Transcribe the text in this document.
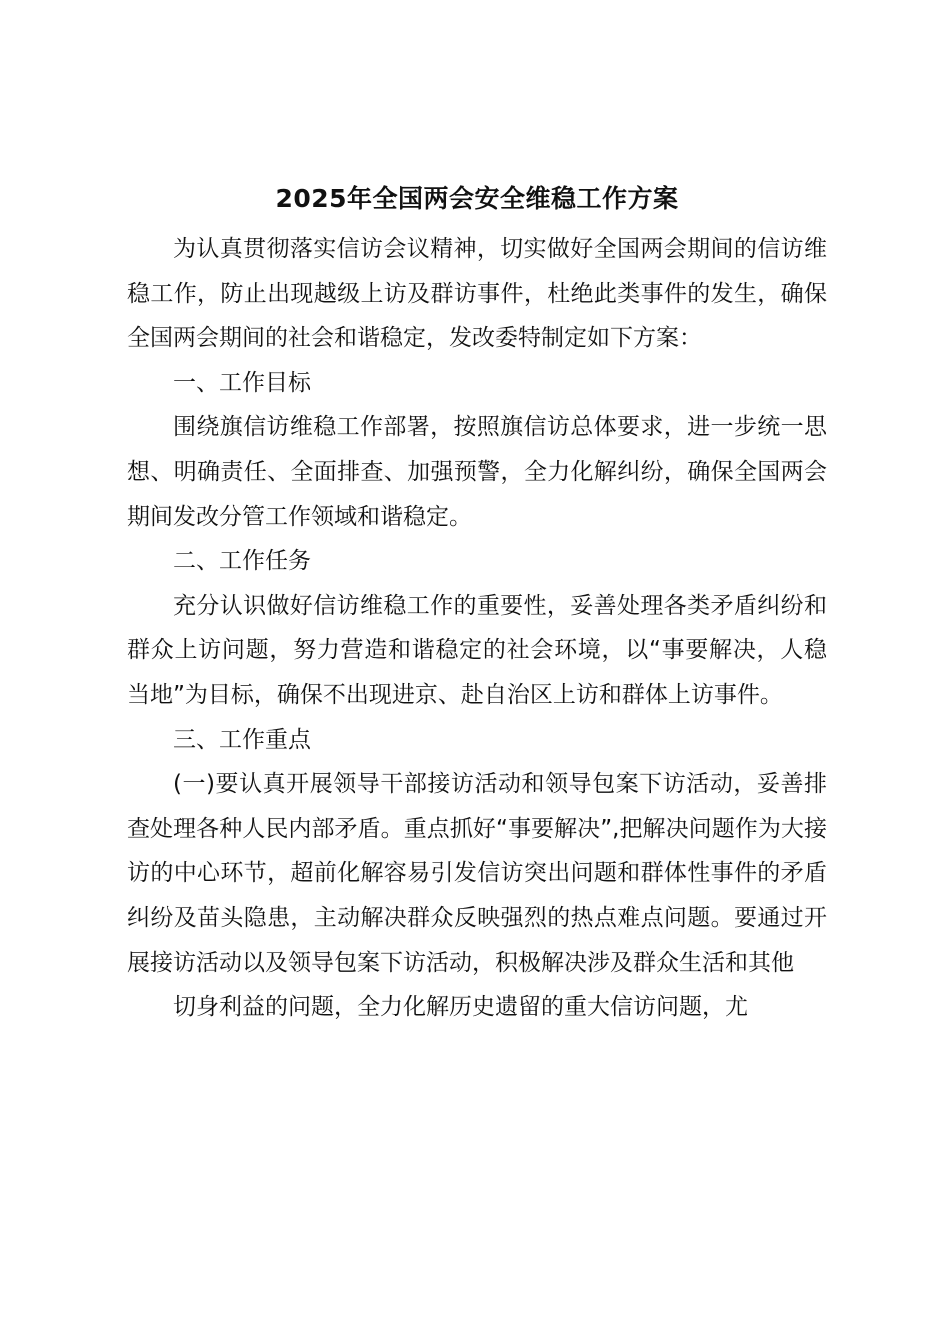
2025年全国两会安全维稳工作方案

为认真贯彻落实信访会议精神，切实做好全国两会期间的信访维稳工作，防止出现越级上访及群访事件，杜绝此类事件的发生，确保全国两会期间的社会和谐稳定，发改委特制定如下方案：

一、工作目标

围绕旗信访维稳工作部署，按照旗信访总体要求，进一步统一思想、明确责任、全面排查、加强预警，全力化解纠纷，确保全国两会期间发改分管工作领域和谐稳定。

二、工作任务

充分认识做好信访维稳工作的重要性，妥善处理各类矛盾纠纷和群众上访问题，努力营造和谐稳定的社会环境，以“事要解决，人稳当地”为目标，确保不出现进京、赴自治区上访和群体上访事件。

三、工作重点

(一)要认真开展领导干部接访活动和领导包案下访活动，妥善排查处理各种人民内部矛盾。重点抓好“事要解决”,把解决问题作为大接访的中心环节，超前化解容易引发信访突出问题和群体性事件的矛盾纠纷及苗头隐患，主动解决群众反映强烈的热点难点问题。要通过开展接访活动以及领导包案下访活动，积极解决涉及群众生活和其他

切身利益的问题，全力化解历史遗留的重大信访问题，尤
